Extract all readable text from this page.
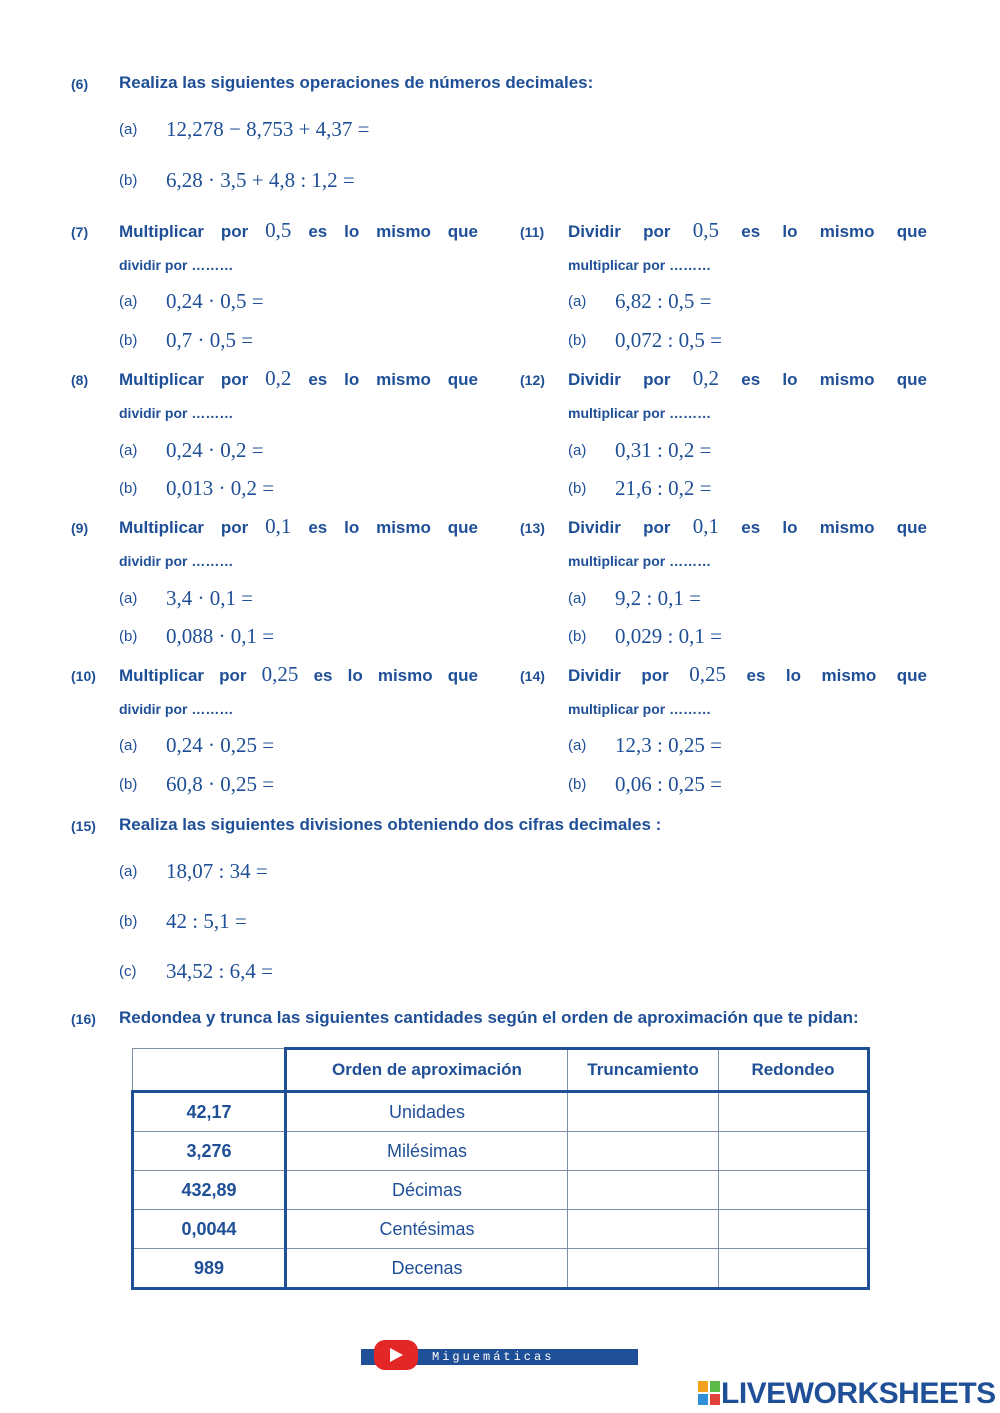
(6) Realiza las siguientes operaciones de números decimales:
(a) 12,278 − 8,753 + 4,37 =
(b) 6,28 · 3,5 + 4,8 : 1,2 =
(7) Multiplicar por 0,5 es lo mismo que
dividir por ………
(a) 0,24 · 0,5 =
(b) 0,7 · 0,5 =
(11) Dividir por 0,5 es lo mismo que
multiplicar por ………
(a) 6,82 : 0,5 =
(b) 0,072 : 0,5 =
(8) Multiplicar por 0,2 es lo mismo que
dividir por ………
(a) 0,24 · 0,2 =
(b) 0,013 · 0,2 =
(12) Dividir por 0,2 es lo mismo que
multiplicar por ………
(a) 0,31 : 0,2 =
(b) 21,6 : 0,2 =
(9) Multiplicar por 0,1 es lo mismo que
dividir por ………
(a) 3,4 · 0,1 =
(b) 0,088 · 0,1 =
(13) Dividir por 0,1 es lo mismo que
multiplicar por ………
(a) 9,2 : 0,1 =
(b) 0,029 : 0,1 =
(10) Multiplicar por 0,25 es lo mismo que
dividir por ………
(a) 0,24 · 0,25 =
(b) 60,8 · 0,25 =
(14) Dividir por 0,25 es lo mismo que
multiplicar por ………
(a) 12,3 : 0,25 =
(b) 0,06 : 0,25 =
(15) Realiza las siguientes divisiones obteniendo dos cifras decimales :
(a) 18,07 : 34 =
(b) 42 : 5,1 =
(c) 34,52 : 6,4 =
(16) Redondea y trunca las siguientes cantidades según el orden de aproximación que te pidan:
	Orden de aproximación	Truncamiento	Redondeo
42,17	Unidades		
3,276	Milésimas		
432,89	Décimas		
0,0044	Centésimas		
989	Decenas		
Miguemáticas
LIVEWORKSHEETS
